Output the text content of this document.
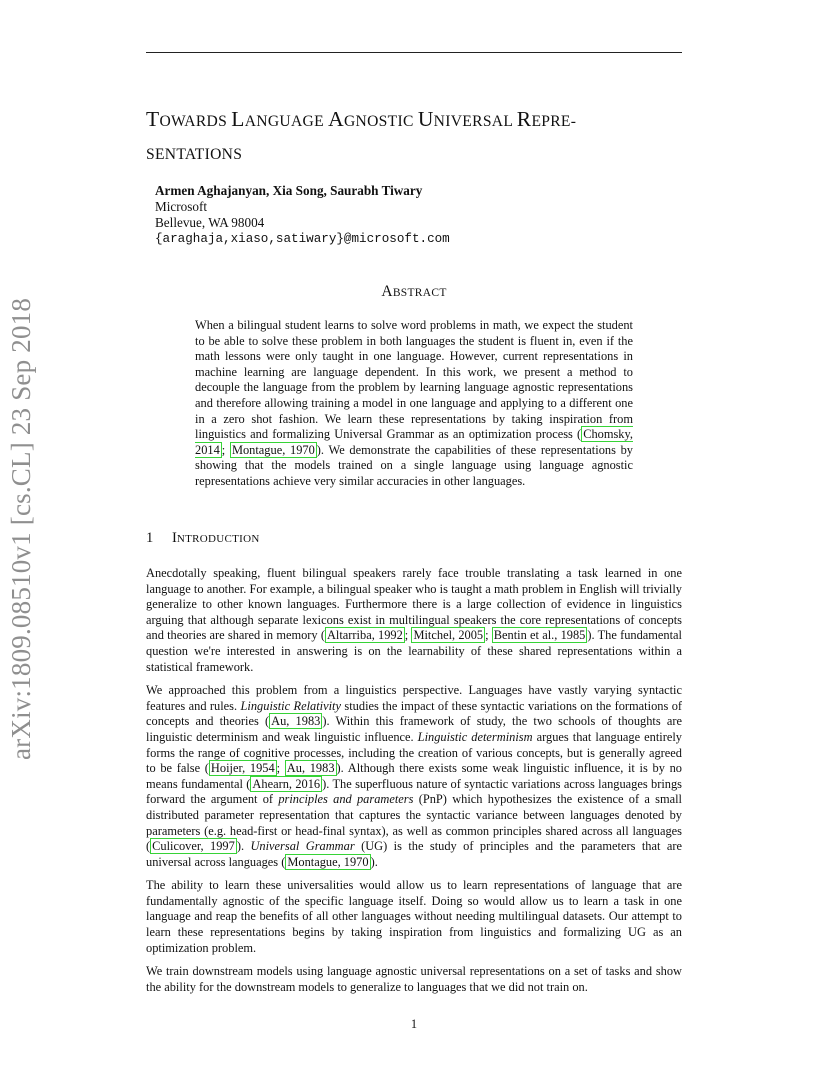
arXiv:1809.08510v1 [cs.CL] 23 Sep 2018
TOWARDS LANGUAGE AGNOSTIC UNIVERSAL REPRE-
SENTATIONS
Armen Aghajanyan, Xia Song, Saurabh Tiwary
Microsoft
Bellevue, WA 98004
{araghaja,xiaso,satiwary}@microsoft.com
ABSTRACT
When a bilingual student learns to solve word problems in math, we expect the student to be able to solve these problem in both languages the student is fluent in, even if the math lessons were only taught in one language. However, current representations in machine learning are language dependent. In this work, we present a method to decouple the language from the problem by learning language agnostic representations and therefore allowing training a model in one language and applying to a different one in a zero shot fashion. We learn these representations by taking inspiration from linguistics and formalizing Universal Grammar as an optimization process ( Chomsky, 2014 ; Montague, 1970 ). We demonstrate the capabilities of these representations by showing that the models trained on a single language using language agnostic representations achieve very similar accuracies in other languages.
1 INTRODUCTION

Anecdotally speaking, fluent bilingual speakers rarely face trouble translating a task learned in one language to another. For example, a bilingual speaker who is taught a math problem in English will trivially generalize to other known languages. Furthermore there is a large collection of evidence in linguistics arguing that although separate lexicons exist in multilingual speakers the core representations of concepts and theories are shared in memory ( Altarriba, 1992 ; Mitchel, 2005 ; Bentin et al., 1985 ). The fundamental question we're interested in answering is on the learnability of these shared representations within a statistical framework.

We approached this problem from a linguistics perspective. Languages have vastly varying syntactic features and rules. Linguistic Relativity studies the impact of these syntactic variations on the formations of concepts and theories ( Au, 1983 ). Within this framework of study, the two schools of thoughts are linguistic determinism and weak linguistic influence. Linguistic determinism argues that language entirely forms the range of cognitive processes, including the creation of various concepts, but is generally agreed to be false ( Hoijer, 1954 ; Au, 1983 ). Although there exists some weak linguistic influence, it is by no means fundamental ( Ahearn, 2016 ). The superfluous nature of syntactic variations across languages brings forward the argument of principles and parameters (PnP) which hypothesizes the existence of a small distributed parameter representation that captures the syntactic variance between languages denoted by parameters (e.g. head-first or head-final syntax), as well as common principles shared across all languages ( Culicover, 1997 ). Universal Grammar (UG) is the study of principles and the parameters that are universal across languages ( Montague, 1970 ).

The ability to learn these universalities would allow us to learn representations of language that are fundamentally agnostic of the specific language itself. Doing so would allow us to learn a task in one language and reap the benefits of all other languages without needing multilingual datasets. Our attempt to learn these representations begins by taking inspiration from linguistics and formalizing UG as an optimization problem.

We train downstream models using language agnostic universal representations on a set of tasks and show the ability for the downstream models to generalize to languages that we did not train on.

1
